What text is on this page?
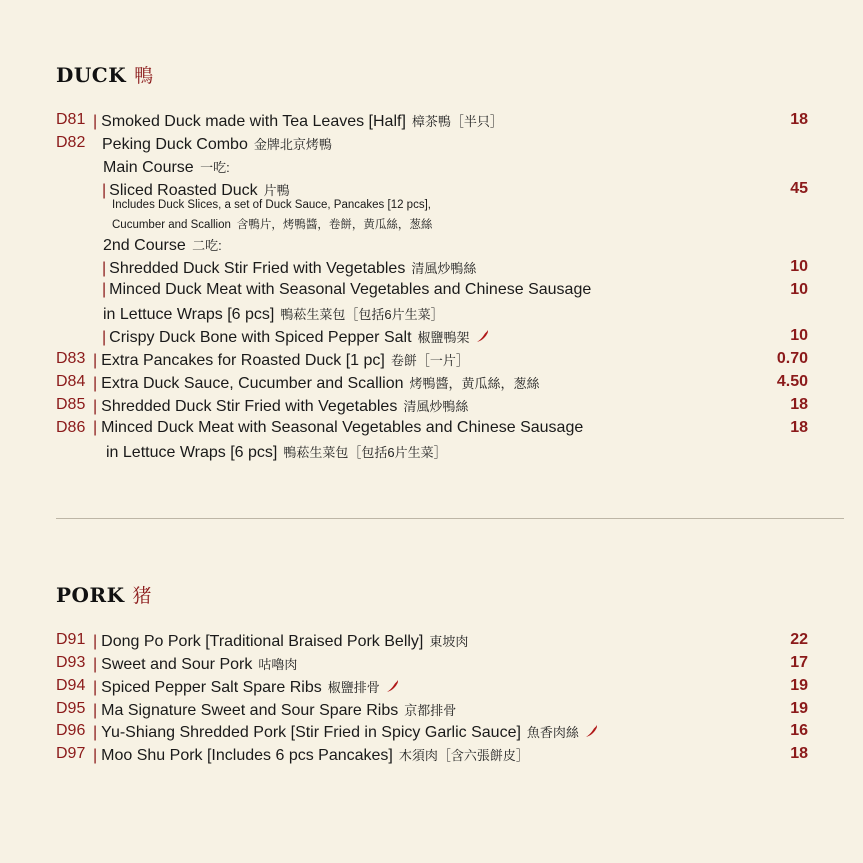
DUCK 鴨
D81 | Smoked Duck made with Tea Leaves [Half] 樟茶鴨［半只］	18
D82 Peking Duck Combo 金牌北京烤鴨
Main Course 一吃:
| Sliced Roasted Duck 片鴨	45
Includes Duck Slices, a set of Duck Sauce, Pancakes [12 pcs],
Cucumber and Scallion 含鴨片，烤鴨醬，卷餅，黄瓜絲，葱絲
2nd Course 二吃:
| Shredded Duck Stir Fried with Vegetables 清風炒鴨絲	10
| Minced Duck Meat with Seasonal Vegetables and Chinese Sausage	10
in Lettuce Wraps [6 pcs] 鴨菘生菜包［包括6片生菜］
| Crispy Duck Bone with Spiced Pepper Salt 椒鹽鴨架	10
D83 | Extra Pancakes for Roasted Duck [1 pc] 卷餅［一片］	0.70
D84 | Extra Duck Sauce, Cucumber and Scallion 烤鴨醬，黄瓜絲，葱絲	4.50
D85 | Shredded Duck Stir Fried with Vegetables 清風炒鴨絲	18
D86 | Minced Duck Meat with Seasonal Vegetables and Chinese Sausage	18
in Lettuce Wraps [6 pcs] 鴨菘生菜包［包括6片生菜］
PORK 猪
D91 | Dong Po Pork [Traditional Braised Pork Belly] 東坡肉	22
D93 | Sweet and Sour Pork 咕嚕肉	17
D94 | Spiced Pepper Salt Spare Ribs 椒鹽排骨	19
D95 | Ma Signature Sweet and Sour Spare Ribs 京都排骨	19
D96 | Yu-Shiang Shredded Pork [Stir Fried in Spicy Garlic Sauce] 魚香肉絲	16
D97 | Moo Shu Pork [Includes 6 pcs Pancakes] 木須肉［含六張餅皮］	18
